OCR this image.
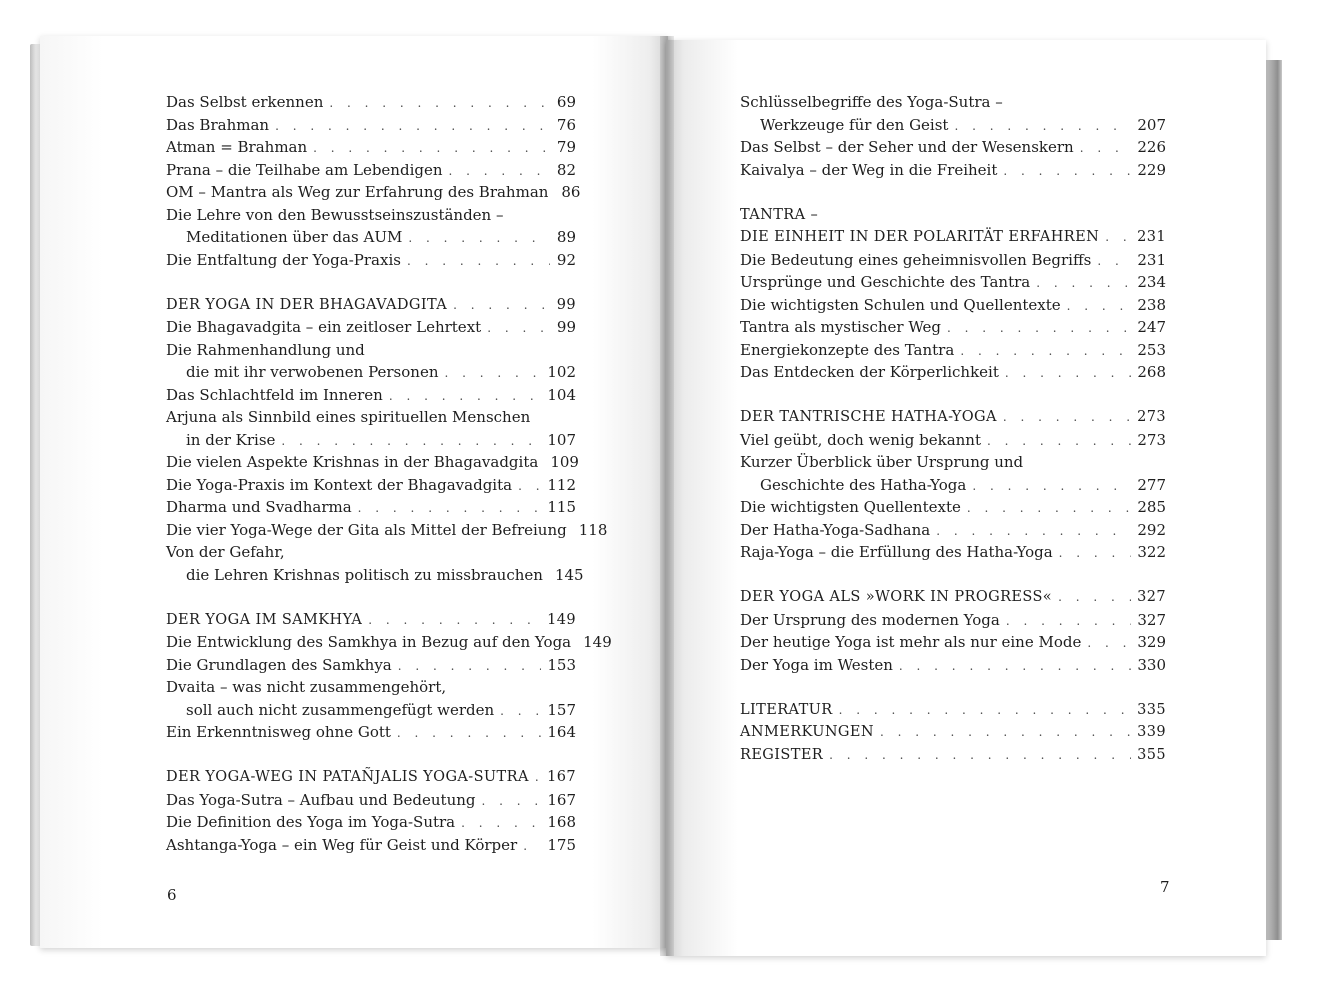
Das Selbst erkennen . . .	69
Das Brahman . . .	76
Atman = Brahman . . .	79
Prana – die Teilhabe am Lebendigen . . .	82
OM – Mantra als Weg zur Erfahrung des Brahman 86
Die Lehre von den Bewusstseinszuständen –
Meditationen über das AUM . . .	89
Die Entfaltung der Yoga-Praxis . . .	92
DER YOGA IN DER BHAGAVADGITA . . .	99
Die Bhagavadgita – ein zeitloser Lehrtext . . .	99
Die Rahmenhandlung und
die mit ihr verwobenen Personen . . .	102
Das Schlachtfeld im Inneren . . .	104
Arjuna als Sinnbild eines spirituellen Menschen
in der Krise . . .	107
Die vielen Aspekte Krishnas in der Bhagavadgita 109
Die Yoga-Praxis im Kontext der Bhagavadgita . . . 112
Dharma und Svadharma . . .	115
Die vier Yoga-Wege der Gita als Mittel der Befreiung 118
Von der Gefahr,
die Lehren Krishnas politisch zu missbrauchen 145
DER YOGA IM SAMKHYA . . .	149
Die Entwicklung des Samkhya in Bezug auf den Yoga 149
Die Grundlagen des Samkhya . . .	153
Dvaita – was nicht zusammengehört,
soll auch nicht zusammengefügt werden . . .	157
Ein Erkenntnisweg ohne Gott . . .	164
DER YOGA-WEG IN PATAÑJALIS YOGA-SUTRA . . . 167
Das Yoga-Sutra – Aufbau und Bedeutung . . .	167
Die Definition des Yoga im Yoga-Sutra . . .	168
Ashtanga-Yoga – ein Weg für Geist und Körper . . . 175
Schlüsselbegriffe des Yoga-Sutra –
Werkzeuge für den Geist . . .	207
Das Selbst – der Seher und der Wesenskern . . .	226
Kaivalya – der Weg in die Freiheit . . .	229
TANTRA –
DIE EINHEIT IN DER POLARITÄT ERFAHREN . . .	231
Die Bedeutung eines geheimnisvollen Begriffs . . .	231
Ursprünge und Geschichte des Tantra . . .	234
Die wichtigsten Schulen und Quellentexte . . .	238
Tantra als mystischer Weg . . .	247
Energiekonzepte des Tantra . . .	253
Das Entdecken der Körperlichkeit . . .	268
DER TANTRISCHE HATHA-YOGA . . .	273
Viel geübt, doch wenig bekannt . . .	273
Kurzer Überblick über Ursprung und
Geschichte des Hatha-Yoga . . .	277
Die wichtigsten Quellentexte . . .	285
Der Hatha-Yoga-Sadhana . . .	292
Raja-Yoga – die Erfüllung des Hatha-Yoga . . .	322
DER YOGA ALS »WORK IN PROGRESS« . . .	327
Der Ursprung des modernen Yoga . . .	327
Der heutige Yoga ist mehr als nur eine Mode . . .	329
Der Yoga im Westen . . .	330
LITERATUR . . .	335
ANMERKUNGEN . . .	339
REGISTER . . .	355
6	7
